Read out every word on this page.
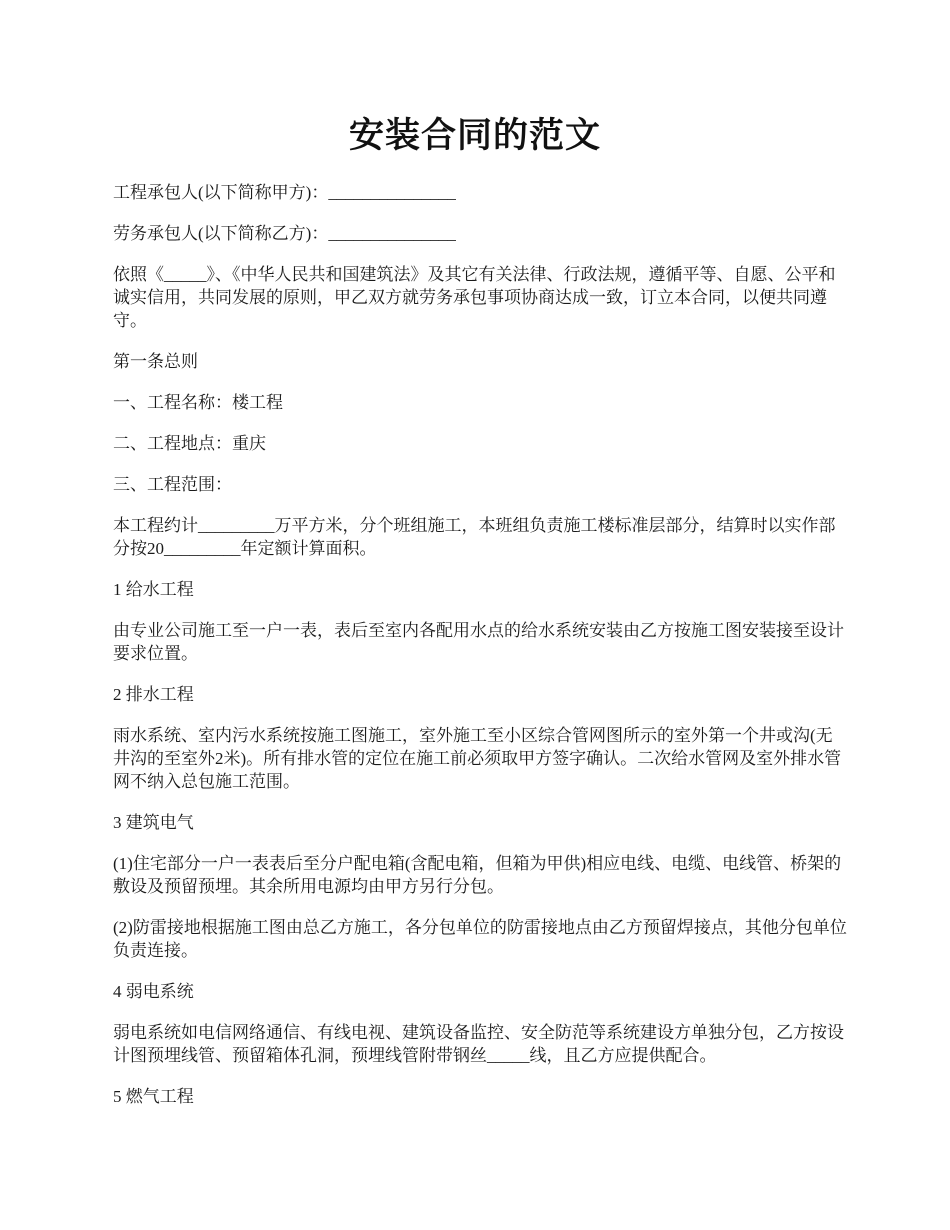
安装合同的范文

工程承包人(以下简称甲方)：_______________

劳务承包人(以下简称乙方)：_______________

依照《_____》、《中华人民共和国建筑法》及其它有关法律、行政法规，遵循平等、自愿、公平和诚实信用，共同发展的原则，甲乙双方就劳务承包事项协商达成一致，订立本合同，以便共同遵守。

第一条总则

一、工程名称：楼工程

二、工程地点：重庆

三、工程范围：

本工程约计_________万平方米，分个班组施工，本班组负责施工楼标准层部分，结算时以实作部分按20_________年定额计算面积。

1 给水工程

由专业公司施工至一户一表，表后至室内各配用水点的给水系统安装由乙方按施工图安装接至设计要求位置。

2 排水工程

雨水系统、室内污水系统按施工图施工，室外施工至小区综合管网图所示的室外第一个井或沟(无井沟的至室外2米)。所有排水管的定位在施工前必须取甲方签字确认。二次给水管网及室外排水管网不纳入总包施工范围。

3 建筑电气

(1)住宅部分一户一表表后至分户配电箱(含配电箱，但箱为甲供)相应电线、电缆、电线管、桥架的敷设及预留预埋。其余所用电源均由甲方另行分包。

(2)防雷接地根据施工图由总乙方施工，各分包单位的防雷接地点由乙方预留焊接点，其他分包单位负责连接。

4 弱电系统

弱电系统如电信网络通信、有线电视、建筑设备监控、安全防范等系统建设方单独分包，乙方按设计图预埋线管、预留箱体孔洞，预埋线管附带钢丝_____线，且乙方应提供配合。

5 燃气工程
